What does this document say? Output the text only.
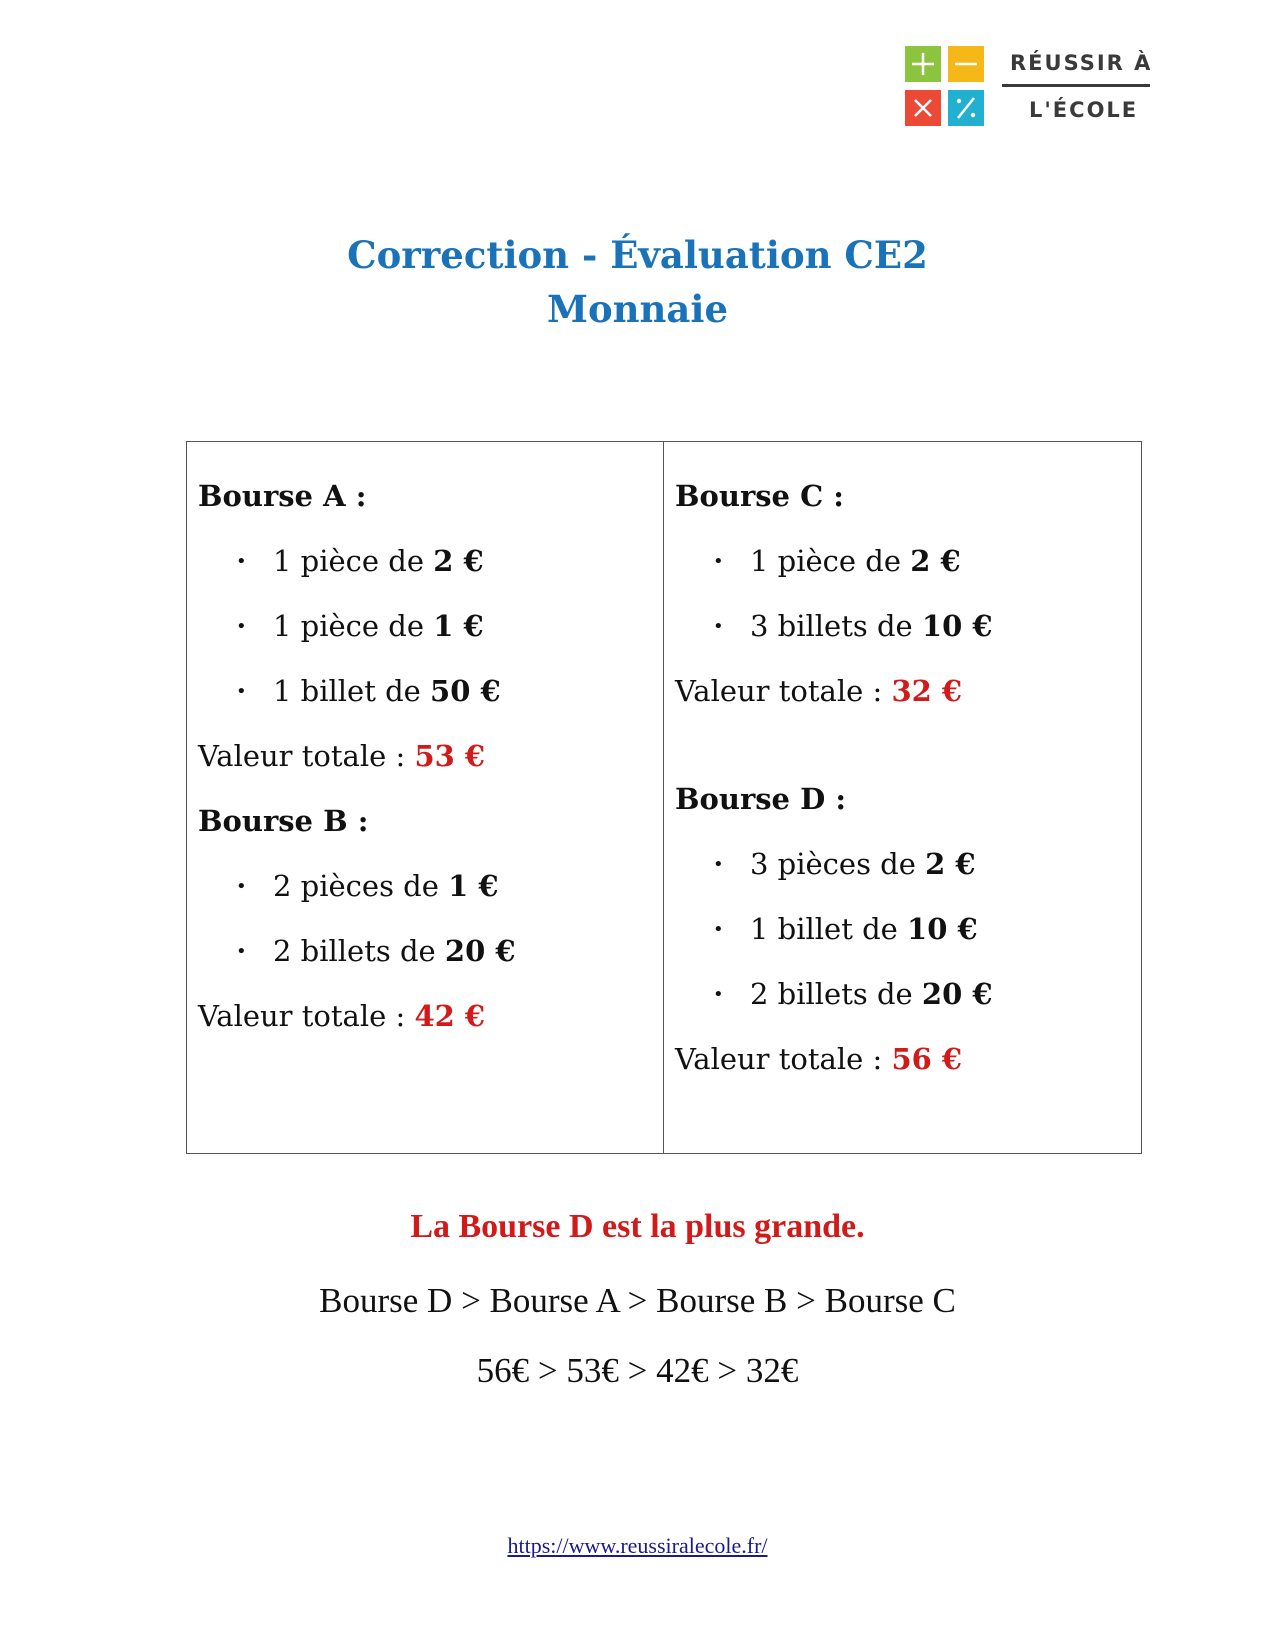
RÉUSSIR À
L'ÉCOLE
Correction - Évaluation CE2
Monnaie
Bourse A :
• 1 pièce de 2 €
• 1 pièce de 1 €
• 1 billet de 50 €
Valeur totale : 53 €
Bourse B :
• 2 pièces de 1 €
• 2 billets de 20 €
Valeur totale : 42 €
Bourse C :
• 1 pièce de 2 €
• 3 billets de 10 €
Valeur totale : 32 €
Bourse D :
• 3 pièces de 2 €
• 1 billet de 10 €
• 2 billets de 20 €
Valeur totale : 56 €
La Bourse D est la plus grande.
Bourse D > Bourse A > Bourse B > Bourse C
56€ > 53€ > 42€ > 32€
https://www.reussiralecole.fr/
